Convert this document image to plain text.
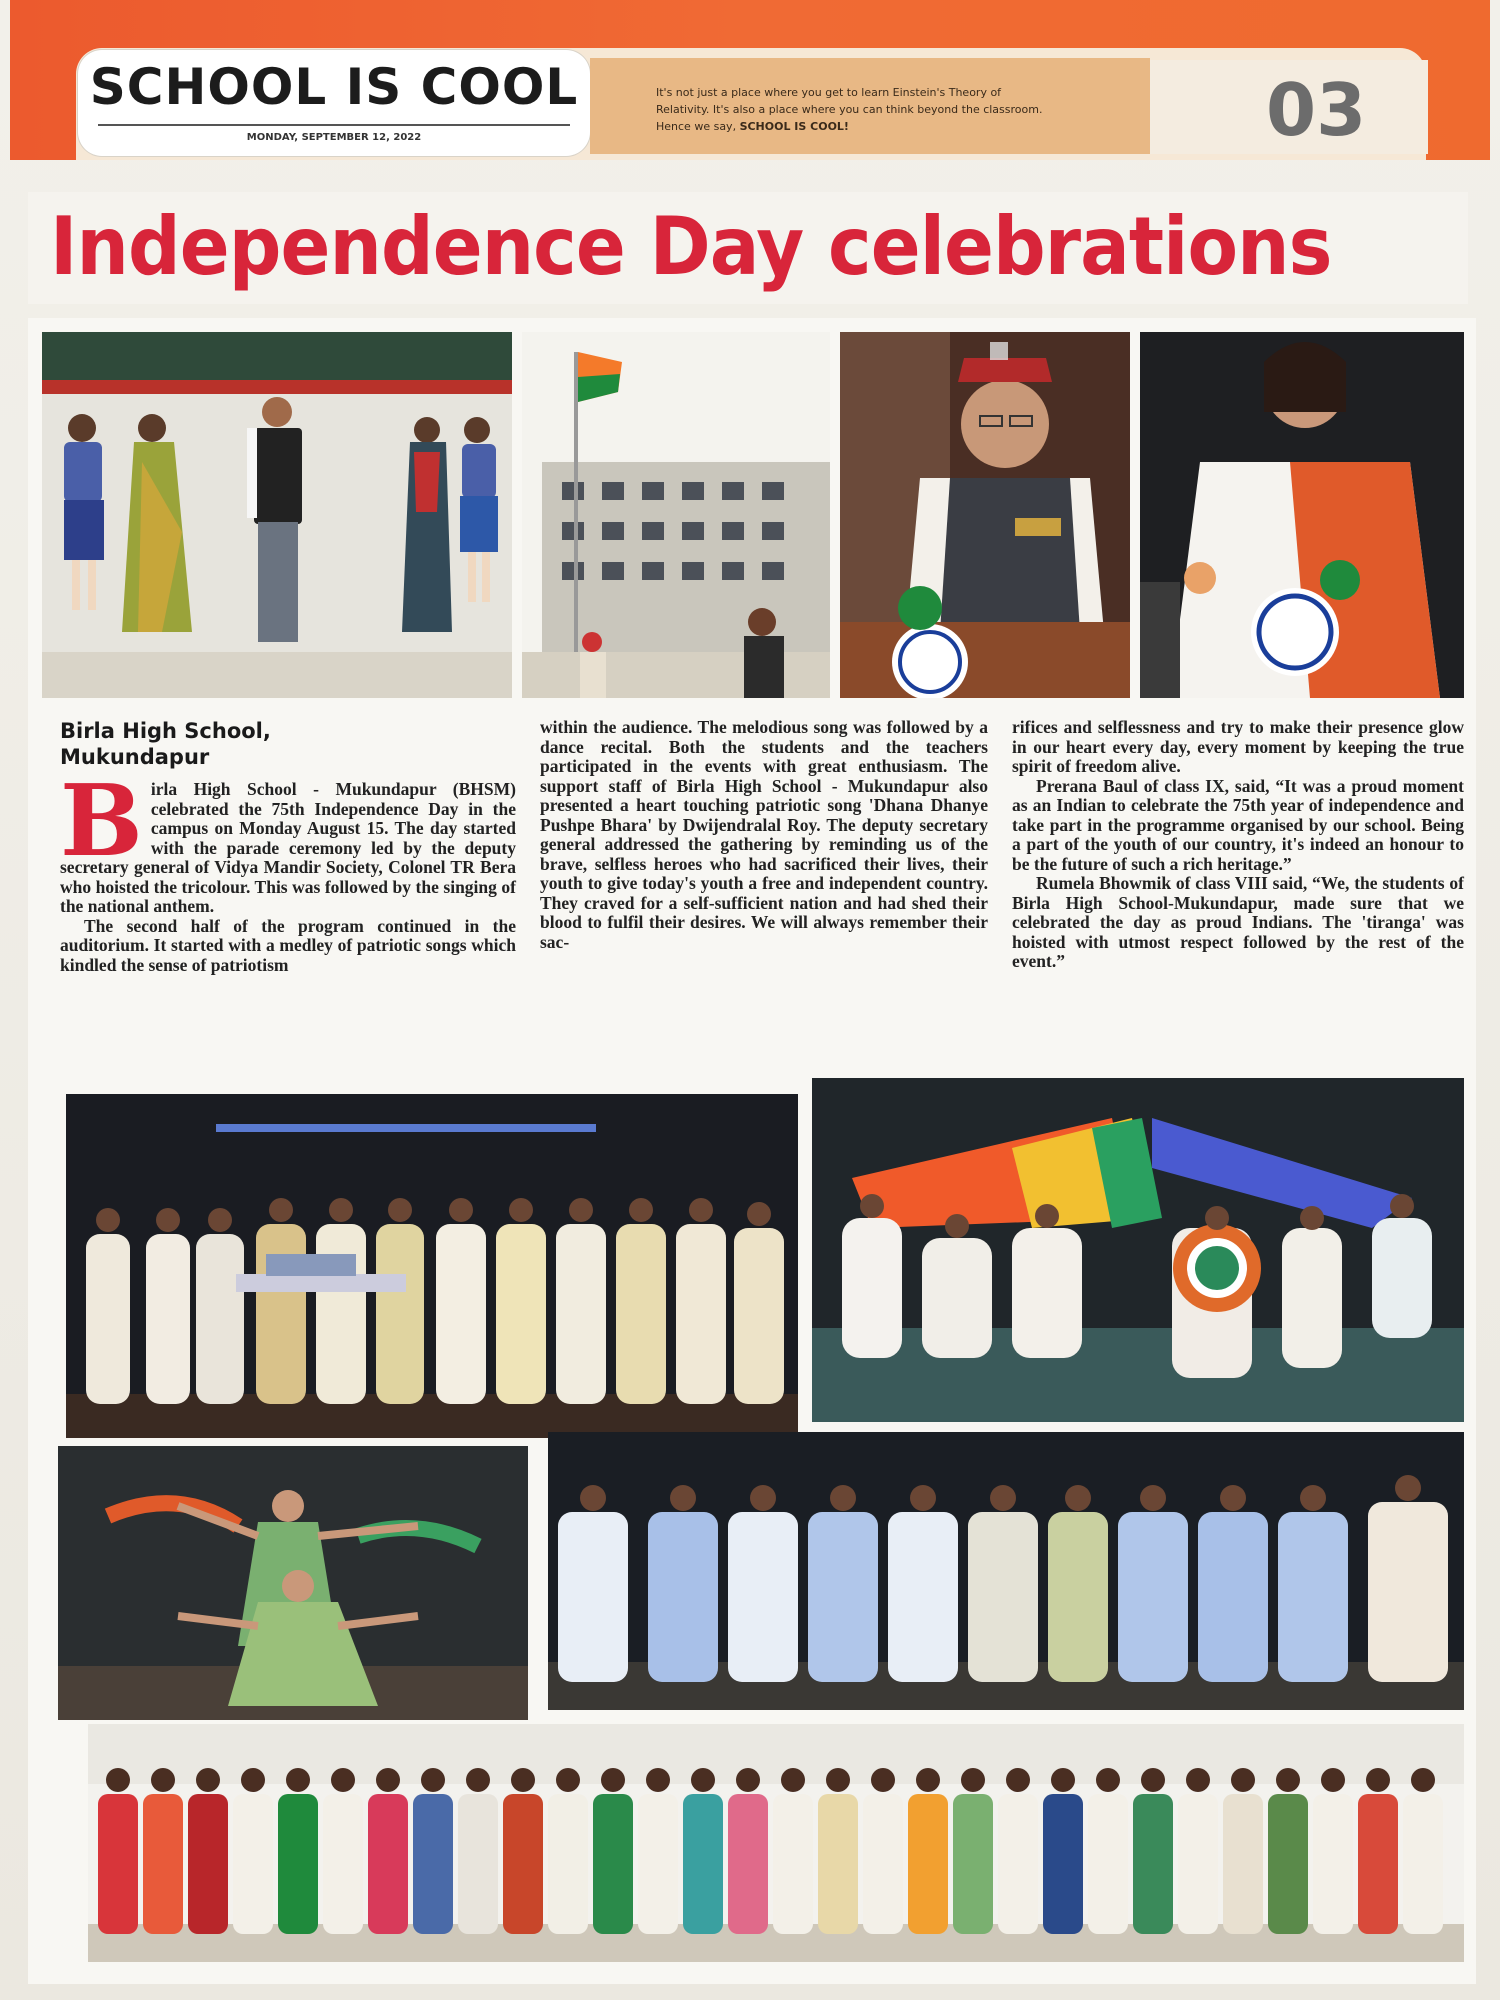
SCHOOL IS COOL
MONDAY, SEPTEMBER 12, 2022
It's not just a place where you get to learn Einstein's Theory of Relativity. It's also a place where you can think beyond the classroom. Hence we say, SCHOOL IS COOL!	03
Independence Day celebrations
Birla High School,
Mukundapur

Birla High School - Mukundapur (BHSM) celebrated the 75th Independence Day in the campus on Monday August 15. The day started with the parade ceremony led by the deputy secretary general of Vidya Mandir Society, Colonel TR Bera who hoisted the tricolour. This was followed by the singing of the national anthem.

The second half of the program continued in the auditorium. It started with a medley of patriotic songs which kindled the sense of patriotism

within the audience. The melodious song was followed by a dance recital. Both the students and the teachers participated in the events with great enthusiasm. The support staff of Birla High School - Mukundapur also presented a heart touching patriotic song 'Dhana Dhanye Pushpe Bhara' by Dwijendralal Roy. The deputy secretary general addressed the gathering by reminding us of the brave, selfless heroes who had sacrificed their lives, their youth to give today's youth a free and independent country. They craved for a self-sufficient nation and had shed their blood to fulfil their desires. We will always remember their sac-

rifices and selflessness and try to make their presence glow in our heart every day, every moment by keeping the true spirit of freedom alive.

Prerana Baul of class IX, said, “It was a proud moment as an Indian to celebrate the 75th year of independence and take part in the programme organised by our school. Being a part of the youth of our country, it's indeed an honour to be the future of such a rich heritage.”

Rumela Bhowmik of class VIII said, “We, the students of Birla High School-Mukundapur, made sure that we celebrated the day as proud Indians. The 'tiranga' was hoisted with utmost respect followed by the rest of the event.”
